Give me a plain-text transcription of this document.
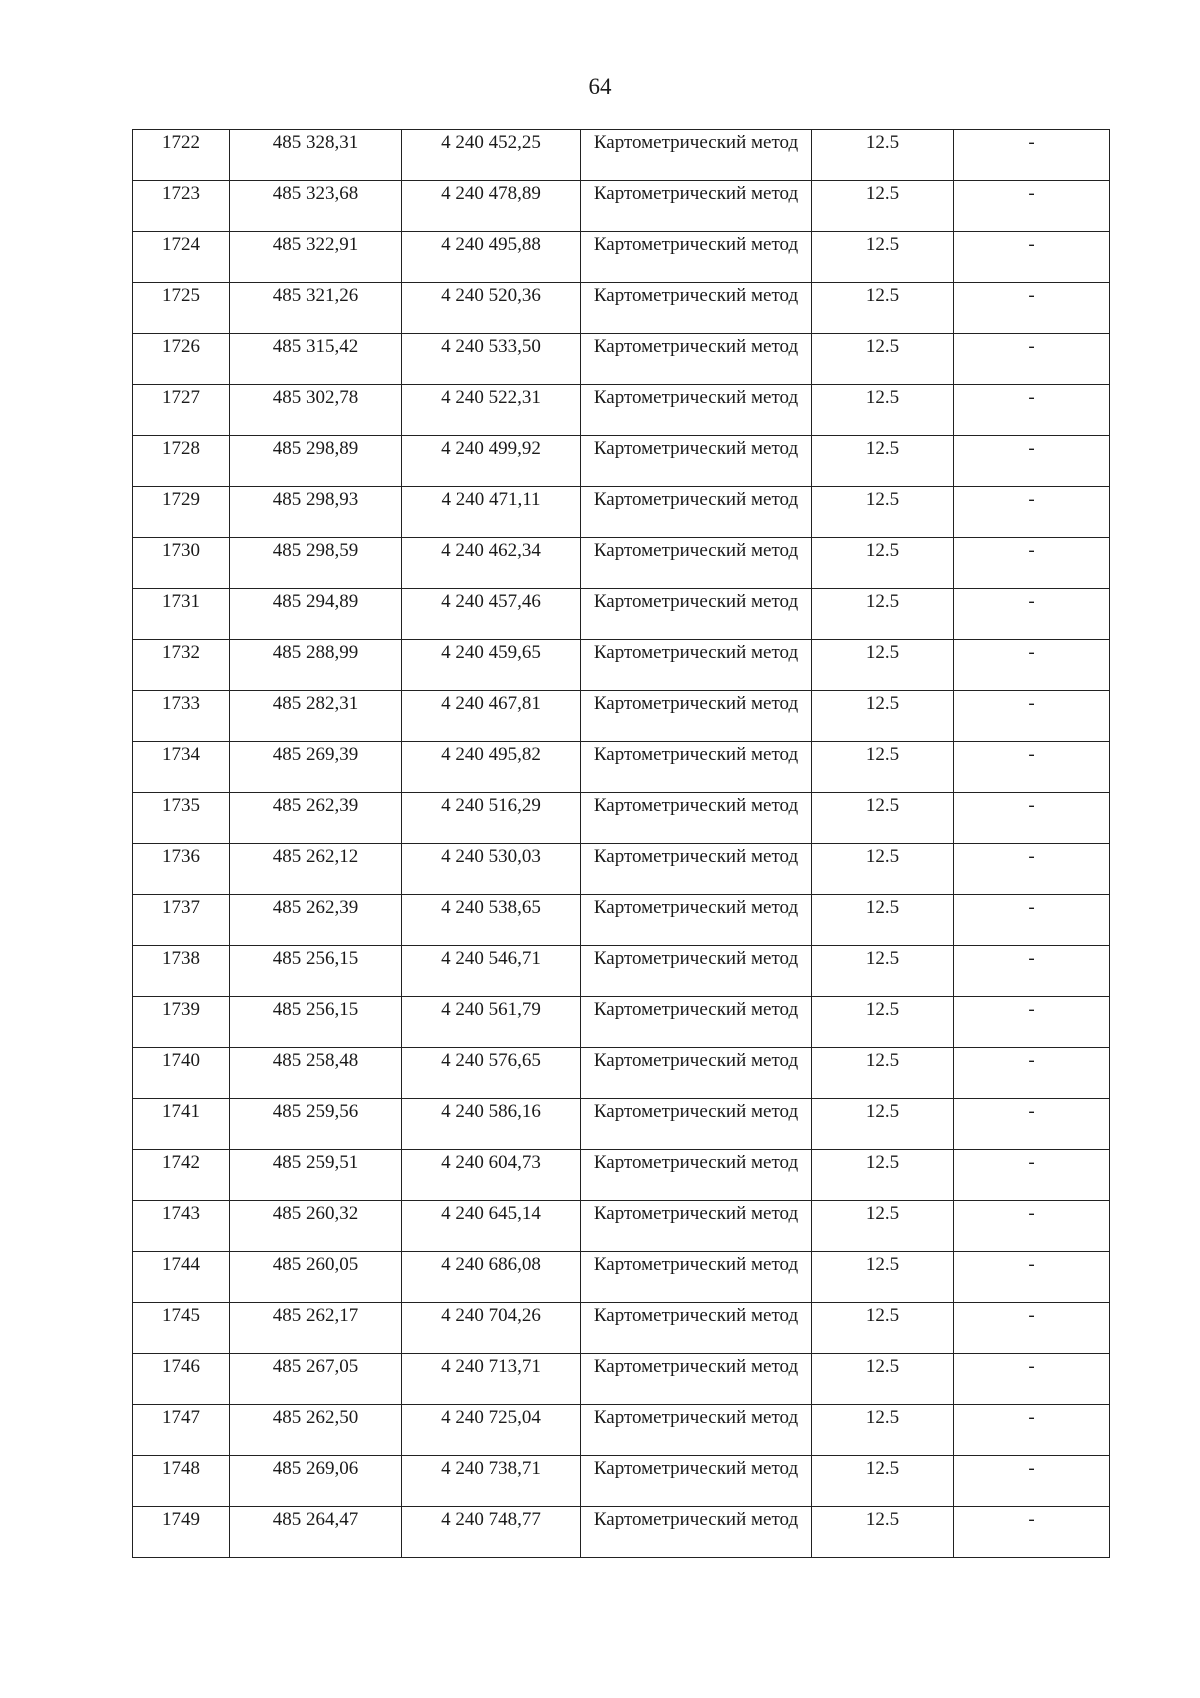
64
1722	485 328,31	4 240 452,25	Картометрический метод	12.5	-

1723	485 323,68	4 240 478,89	Картометрический метод	12.5	-

1724	485 322,91	4 240 495,88	Картометрический метод	12.5	-

1725	485 321,26	4 240 520,36	Картометрический метод	12.5	-

1726	485 315,42	4 240 533,50	Картометрический метод	12.5	-

1727	485 302,78	4 240 522,31	Картометрический метод	12.5	-

1728	485 298,89	4 240 499,92	Картометрический метод	12.5	-

1729	485 298,93	4 240 471,11	Картометрический метод	12.5	-

1730	485 298,59	4 240 462,34	Картометрический метод	12.5	-

1731	485 294,89	4 240 457,46	Картометрический метод	12.5	-

1732	485 288,99	4 240 459,65	Картометрический метод	12.5	-

1733	485 282,31	4 240 467,81	Картометрический метод	12.5	-

1734	485 269,39	4 240 495,82	Картометрический метод	12.5	-

1735	485 262,39	4 240 516,29	Картометрический метод	12.5	-

1736	485 262,12	4 240 530,03	Картометрический метод	12.5	-

1737	485 262,39	4 240 538,65	Картометрический метод	12.5	-

1738	485 256,15	4 240 546,71	Картометрический метод	12.5	-

1739	485 256,15	4 240 561,79	Картометрический метод	12.5	-

1740	485 258,48	4 240 576,65	Картометрический метод	12.5	-

1741	485 259,56	4 240 586,16	Картометрический метод	12.5	-

1742	485 259,51	4 240 604,73	Картометрический метод	12.5	-

1743	485 260,32	4 240 645,14	Картометрический метод	12.5	-

1744	485 260,05	4 240 686,08	Картометрический метод	12.5	-

1745	485 262,17	4 240 704,26	Картометрический метод	12.5	-

1746	485 267,05	4 240 713,71	Картометрический метод	12.5	-

1747	485 262,50	4 240 725,04	Картометрический метод	12.5	-

1748	485 269,06	4 240 738,71	Картометрический метод	12.5	-

1749	485 264,47	4 240 748,77	Картометрический метод	12.5	-
